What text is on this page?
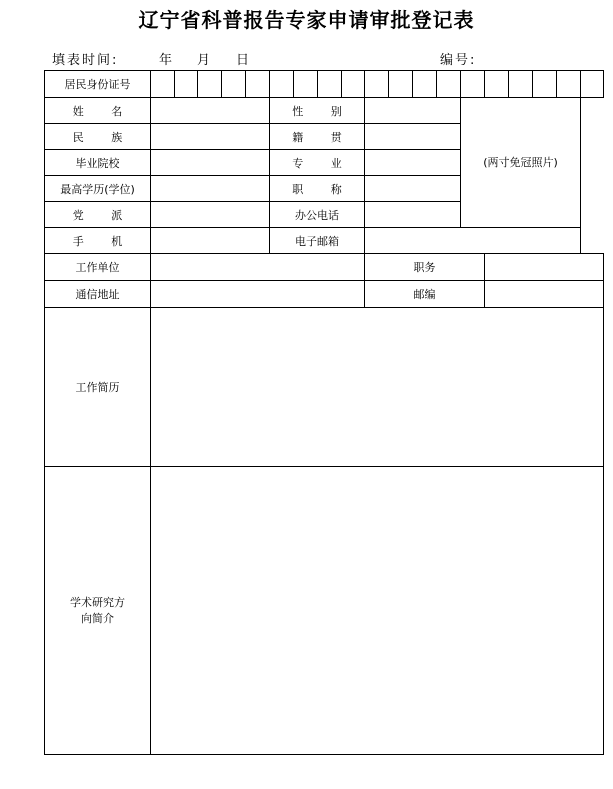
辽宁省科普报告专家申请审批登记表
填表时间:	年 月 日	编号:
居民身份证号																			
姓 名						性 别								(两寸免冠照片)					
民 族						籍 贯													
毕业院校						专 业													
最高学历(学位)						职 称													
党 派						办公电话													
手 机						电子邮箱													
工作单位										职务									
通信地址										邮编									
工作简历																			
学术研究方向简介																			
